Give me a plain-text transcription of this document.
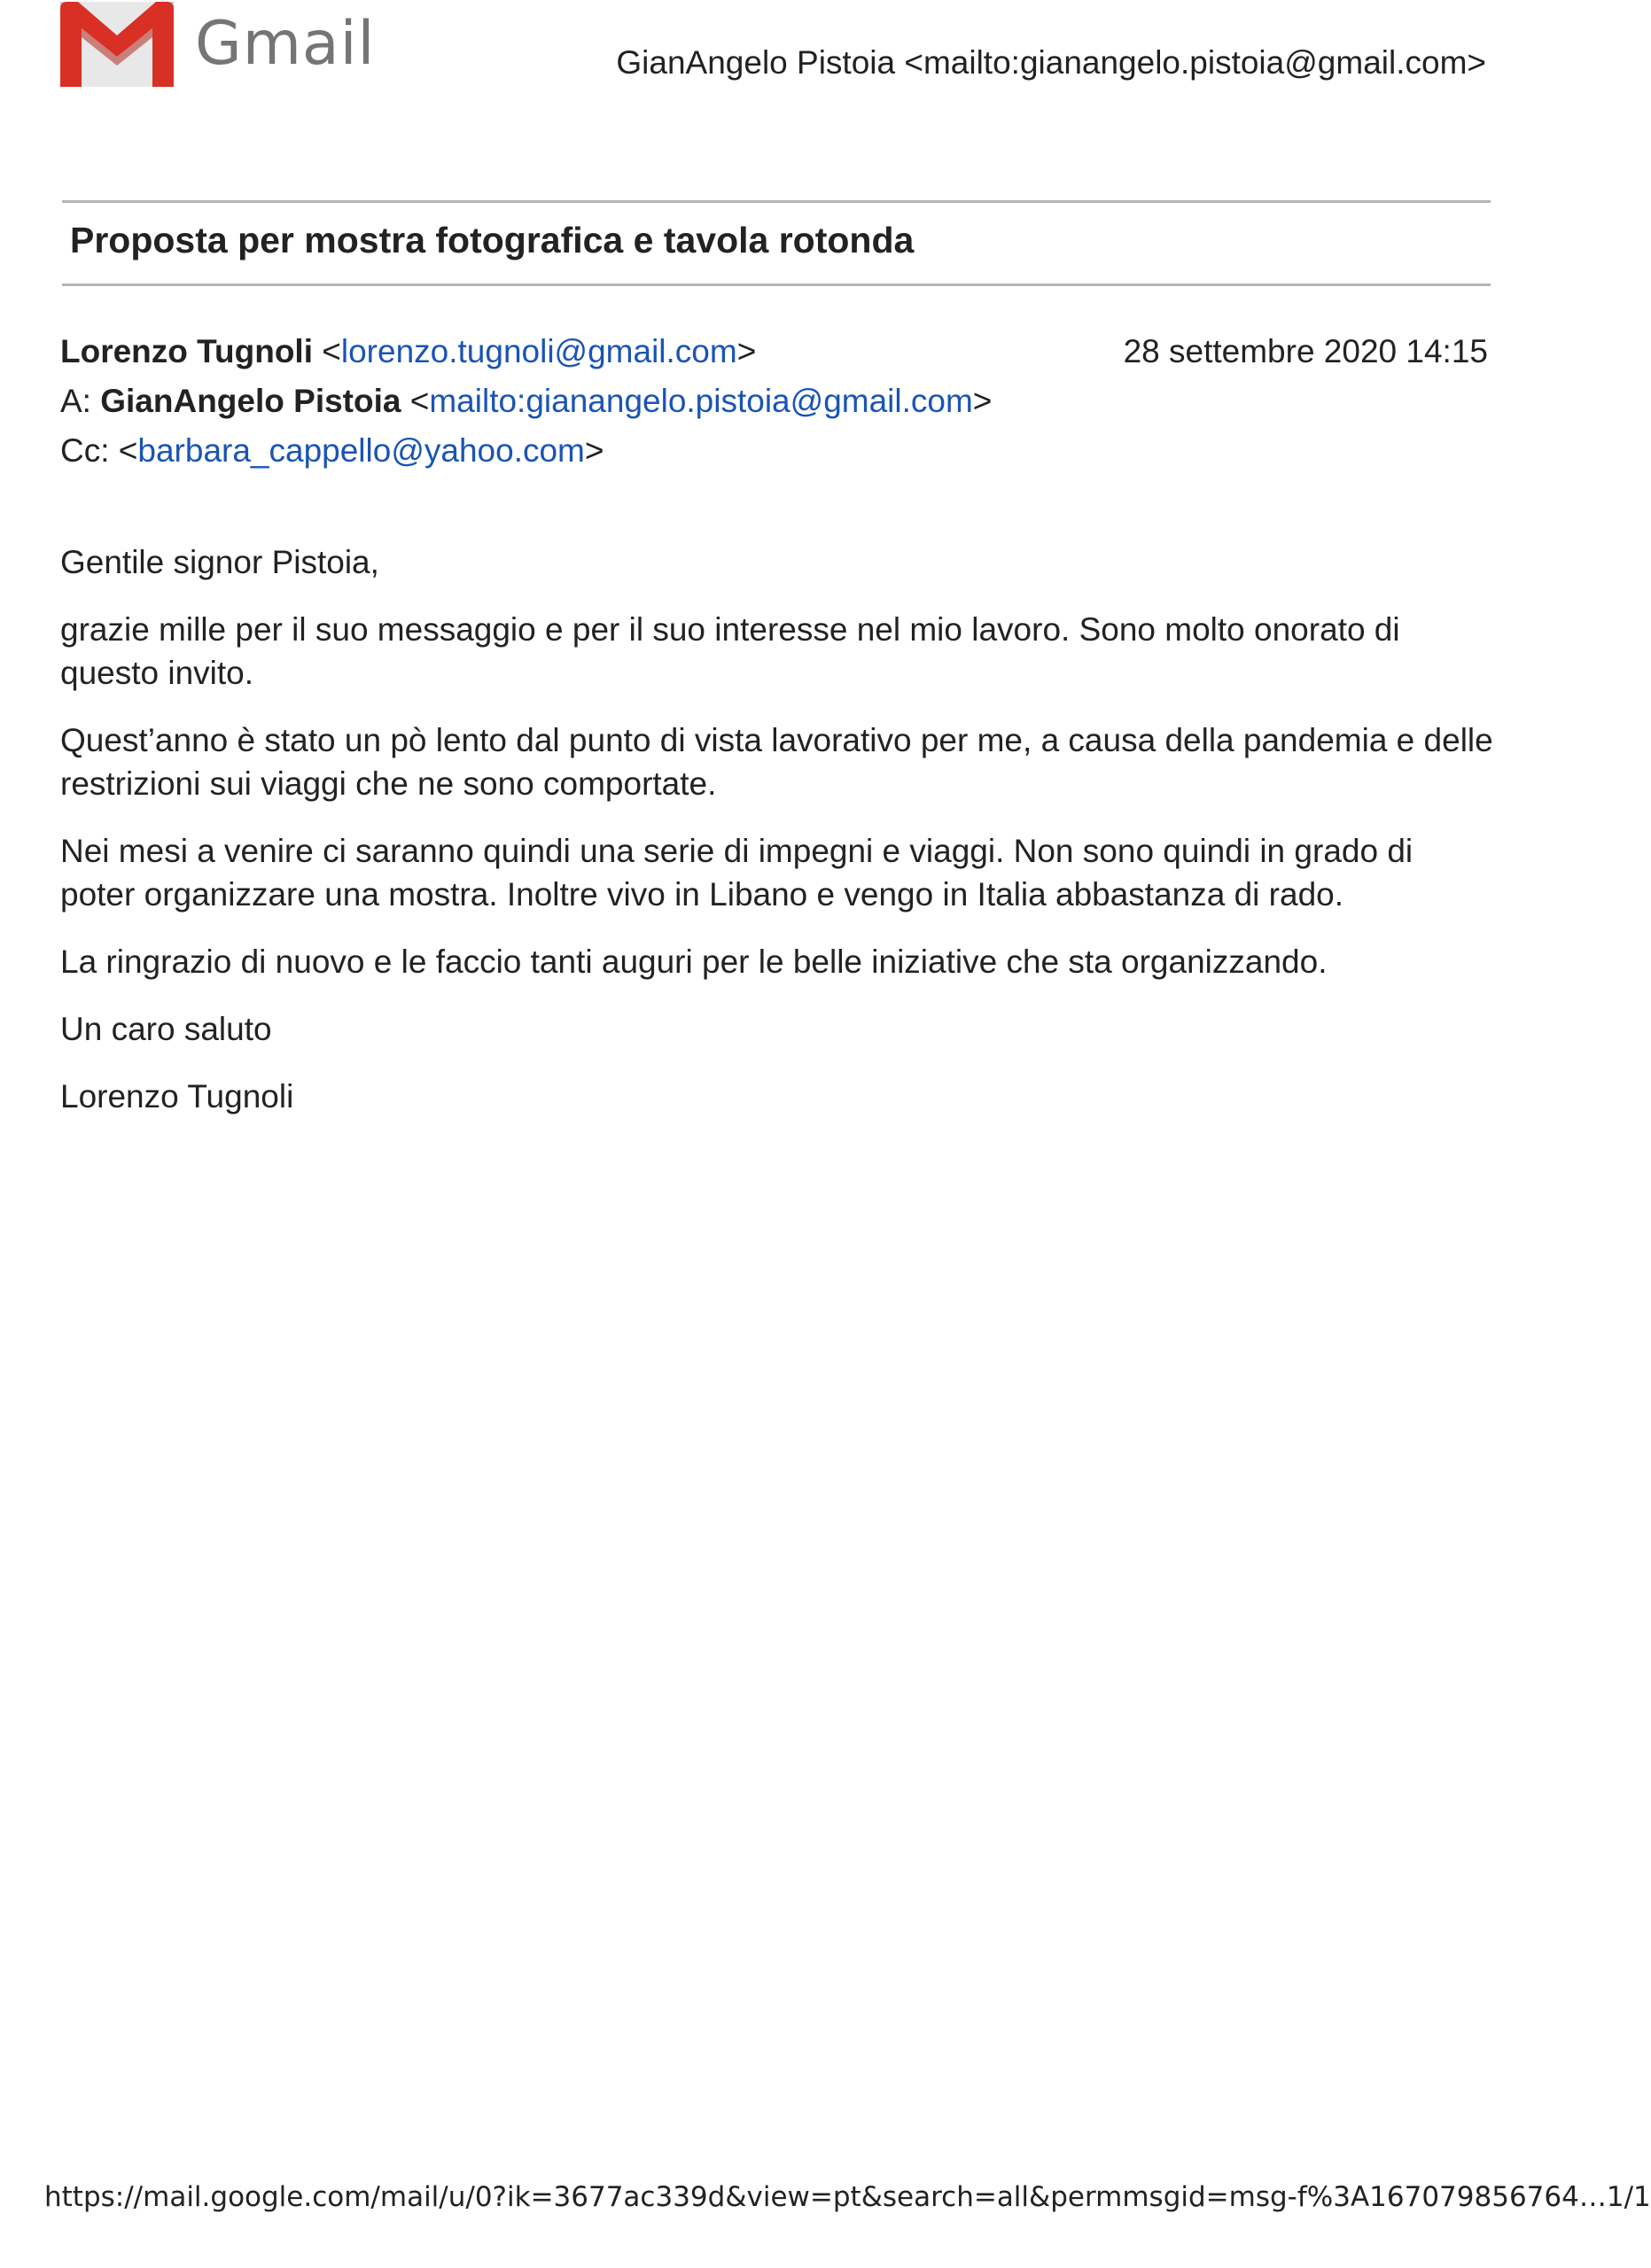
Gmail	GianAngelo Pistoia <mailto:gianangelo.pistoia@gmail.com>
Proposta per mostra fotografica e tavola rotonda
Lorenzo Tugnoli <lorenzo.tugnoli@gmail.com>	28 settembre 2020 14:15
A: GianAngelo Pistoia <mailto:gianangelo.pistoia@gmail.com>
Cc: <barbara_cappello@yahoo.com>

Gentile signor Pistoia,

grazie mille per il suo messaggio e per il suo interesse nel mio lavoro. Sono molto onorato di questo invito.

Quest’anno è stato un pò lento dal punto di vista lavorativo per me, a causa della pandemia e delle restrizioni sui viaggi che ne sono comportate.

Nei mesi a venire ci saranno quindi una serie di impegni e viaggi. Non sono quindi in grado di poter organizzare una mostra. Inoltre vivo in Libano e vengo in Italia abbastanza di rado.

La ringrazio di nuovo e le faccio tanti auguri per le belle iniziative che sta organizzando.

Un caro saluto

Lorenzo Tugnoli

https://mail.google.com/mail/u/0?ik=3677ac339d&view=pt&search=all&permmsgid=msg-f%3A167079856764… 1/1
